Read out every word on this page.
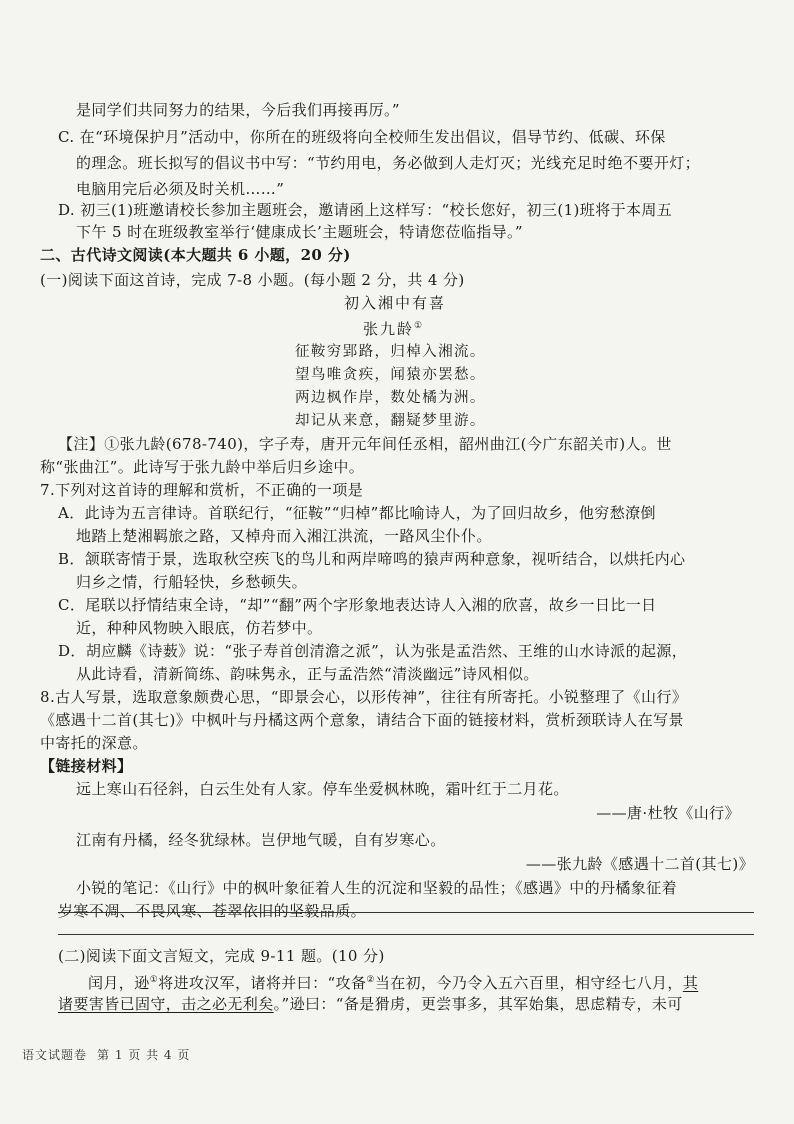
是同学们共同努力的结果，今后我们再接再厉。”
C. 在“环境保护月”活动中，你所在的班级将向全校师生发出倡议，倡导节约、低碳、环保
的理念。班长拟写的倡议书中写：“节约用电，务必做到人走灯灭；光线充足时绝不要开灯；
电脑用完后必须及时关机……”
D. 初三(1)班邀请校长参加主题班会，邀请函上这样写：“校长您好，初三(1)班将于本周五
下午 5 时在班级教室举行‘健康成长’主题班会，特请您莅临指导。”
二、古代诗文阅读(本大题共 6 小题，20 分)
(一)阅读下面这首诗，完成 7-8 小题。(每小题 2 分，共 4 分)
初入湘中有喜
张九龄①
征鞍穷郢路，归棹入湘流。
望鸟唯贪疾，闻猿亦罢愁。
两边枫作岸，数处橘为洲。
却记从来意，翻疑梦里游。
【注】①张九龄(678-740)，字子寿，唐开元年间任丞相，韶州曲江(今广东韶关市)人。世
称“张曲江”。此诗写于张九龄中举后归乡途中。
7.下列对这首诗的理解和赏析，不正确的一项是
A．此诗为五言律诗。首联纪行，“征鞍”“归棹”都比喻诗人，为了回归故乡，他穷愁潦倒
地踏上楚湘羁旅之路，又棹舟而入湘江洪流，一路风尘仆仆。
B．颔联寄情于景，选取秋空疾飞的鸟儿和两岸啼鸣的猿声两种意象，视听结合，以烘托内心
归乡之情，行船轻快，乡愁顿失。
C．尾联以抒情结束全诗，“却”“翻”两个字形象地表达诗人入湘的欣喜，故乡一日比一日
近，种种风物映入眼底，仿若梦中。
D．胡应麟《诗薮》说：“张子寿首创清澹之派”，认为张是孟浩然、王维的山水诗派的起源，
从此诗看，清新简练、韵味隽永，正与孟浩然“清淡幽远”诗风相似。
8.古人写景，选取意象颇费心思，“即景会心，以形传神”，往往有所寄托。小锐整理了《山行》
《感遇十二首(其七)》中枫叶与丹橘这两个意象，请结合下面的链接材料，赏析颈联诗人在写景
中寄托的深意。
【链接材料】
远上寒山石径斜，白云生处有人家。停车坐爱枫林晚，霜叶红于二月花。
——唐·杜牧《山行》
江南有丹橘，经冬犹绿林。岂伊地气暖，自有岁寒心。
——张九龄《感遇十二首(其七)》
小锐的笔记：《山行》中的枫叶象征着人生的沉淀和坚毅的品性；《感遇》中的丹橘象征着
岁寒不凋、不畏风寒、苍翠依旧的坚毅品质。
(二)阅读下面文言短文，完成 9-11 题。(10 分)
闰月，逊①将进攻汉军，诸将并曰：“攻备②当在初，今乃令入五六百里，相守经七八月，其
诸要害皆已固守，击之必无利矣。”逊曰：“备是猾虏，更尝事多，其军始集，思虑精专，未可
语文试题卷 第 1 页 共 4 页
